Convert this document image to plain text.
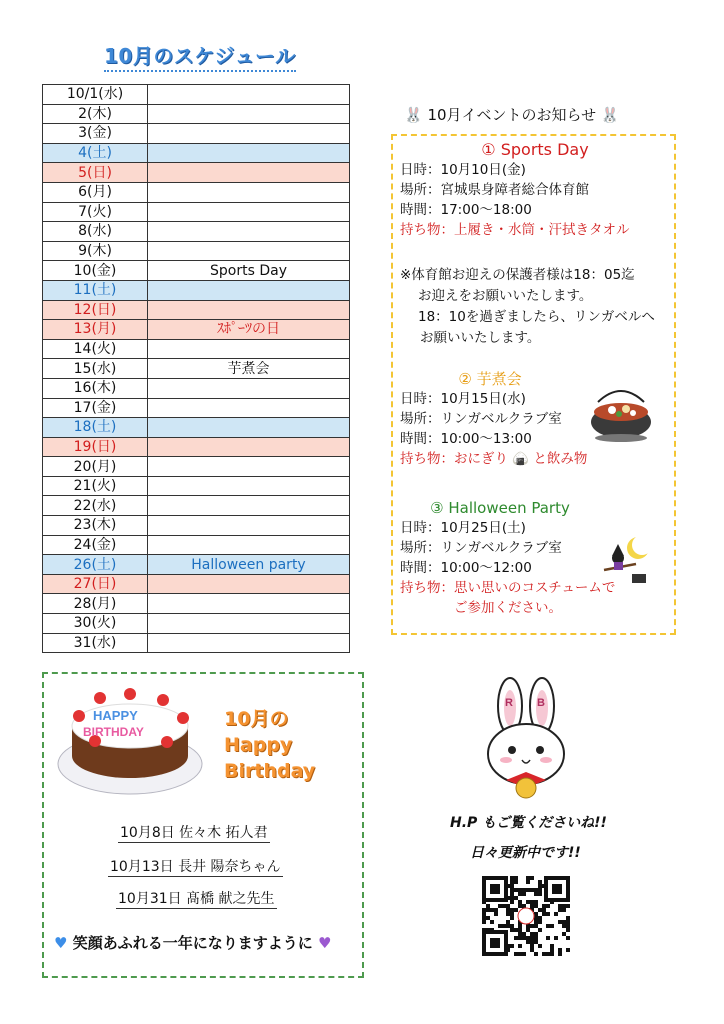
10月のスケジュール
10/1(水)	
2(木)	
3(金)	
4(土)	
5(日)	
6(月)	
7(火)	
8(水)	
9(木)	
10(金)	Sports Day
11(土)	
12(日)	
13(月)	ｽﾎﾟｰﾂの日
14(火)	
15(水)	芋煮会
16(木)	
17(金)	
18(土)	
19(日)	
20(月)	
21(火)	
22(水)	
23(木)	
24(金)	
26(土)	Halloween party
27(日)	
28(月)	
30(火)	
31(水)	
🐰 10月イベントのお知らせ 🐰
① Sports Day
日時：10月10日(金)
場所：宮城県身障者総合体育館
時間：17:00～18:00
持ち物：上履き・水筒・汗拭きタオル
※体育館お迎えの保護者様は18：05迄
お迎えをお願いいたします。
18：10を過ぎましたら、リンガベルへ
お願いいたします。
② 芋煮会
日時：10月15日(水)
場所：リンガベルクラブ室
時間：10:00～13:00
持ち物：おにぎり 🍙 と飲み物
③ Halloween Party
日時：10月25日(土)
場所：リンガベルクラブ室
時間：10:00～12:00
持ち物：思い思いのコスチュームで
ご参加ください。
HAPPY
BIRTHDAY
10月の
Happy
Birthday
10月8日 佐々木 拓人君
10月13日 長井 陽奈ちゃん
10月31日 髙橋 献之先生
♥ 笑顔あふれる一年になりますように ♥
R B
H.P もご覧くださいね!!
日々更新中です!!
